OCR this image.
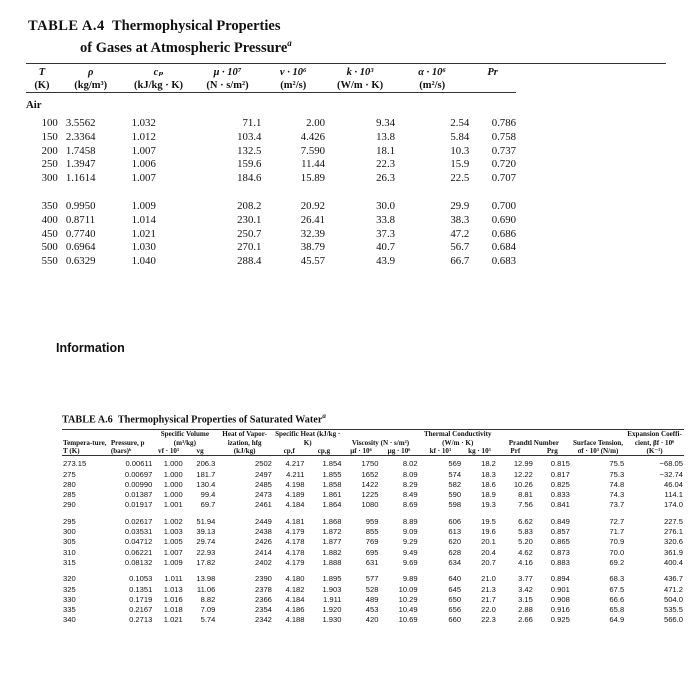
TABLE A.4 Thermophysical Properties
of Gases at Atmospheric Pressure$^a$
T	ρ	cₚ	μ · 10⁷	ν · 10⁶	k · 10³	α · 10⁶	Pr
(K)	(kg/m³)	(kJ/kg · K)	(N · s/m²)	(m²/s)	(W/m · K)	(m²/s)	

Air							
100	3.5562	1.032	71.1	2.00	9.34	2.54	0.786
150	2.3364	1.012	103.4	4.426	13.8	5.84	0.758
200	1.7458	1.007	132.5	7.590	18.1	10.3	0.737
250	1.3947	1.006	159.6	11.44	22.3	15.9	0.720
300	1.1614	1.007	184.6	15.89	26.3	22.5	0.707

350	0.9950	1.009	208.2	20.92	30.0	29.9	0.700
400	0.8711	1.014	230.1	26.41	33.8	38.3	0.690
450	0.7740	1.021	250.7	32.39	37.3	47.2	0.686
500	0.6964	1.030	270.1	38.79	40.7	56.7	0.684
550	0.6329	1.040	288.4	45.57	43.9	66.7	0.683
Information
TABLE A.6 Thermophysical Properties of Saturated Water$^a$
Tempera-ture, T (K)	Pressure, p (bars)ᵇ	Specific Volume (m³/kg)		Heat of Vapor-ization, hfg (kJ/kg)	Specific Heat (kJ/kg · K)		Viscosity (N · s/m²)		Thermal Conductivity (W/m · K)		Prandtl Number		Surface Tension, σf · 10³ (N/m)	Expansion Coeffi-cient, βf · 10⁶ (K⁻¹)
		vf · 10³	vg		cp,f	cp,g	μf · 10⁶	μg · 10⁶	kf · 10³	kg · 10³	Prf	Prg		

273.15	0.00611	1.000	206.3	2502	4.217	1.854	1750	8.02	569	18.2	12.99	0.815	75.5	−68.05
275	0.00697	1.000	181.7	2497	4.211	1.855	1652	8.09	574	18.3	12.22	0.817	75.3	−32.74
280	0.00990	1.000	130.4	2485	4.198	1.858	1422	8.29	582	18.6	10.26	0.825	74.8	46.04
285	0.01387	1.000	99.4	2473	4.189	1.861	1225	8.49	590	18.9	8.81	0.833	74.3	114.1
290	0.01917	1.001	69.7	2461	4.184	1.864	1080	8.69	598	19.3	7.56	0.841	73.7	174.0

295	0.02617	1.002	51.94	2449	4.181	1.868	959	8.89	606	19.5	6.62	0.849	72.7	227.5
300	0.03531	1.003	39.13	2438	4.179	1.872	855	9.09	613	19.6	5.83	0.857	71.7	276.1
305	0.04712	1.005	29.74	2426	4.178	1.877	769	9.29	620	20.1	5.20	0.865	70.9	320.6
310	0.06221	1.007	22.93	2414	4.178	1.882	695	9.49	628	20.4	4.62	0.873	70.0	361.9
315	0.08132	1.009	17.82	2402	4.179	1.888	631	9.69	634	20.7	4.16	0.883	69.2	400.4

320	0.1053	1.011	13.98	2390	4.180	1.895	577	9.89	640	21.0	3.77	0.894	68.3	436.7
325	0.1351	1.013	11.06	2378	4.182	1.903	528	10.09	645	21.3	3.42	0.901	67.5	471.2
330	0.1719	1.016	8.82	2366	4.184	1.911	489	10.29	650	21.7	3.15	0.908	66.6	504.0
335	0.2167	1.018	7.09	2354	4.186	1.920	453	10.49	656	22.0	2.88	0.916	65.8	535.5
340	0.2713	1.021	5.74	2342	4.188	1.930	420	10.69	660	22.3	2.66	0.925	64.9	566.0
